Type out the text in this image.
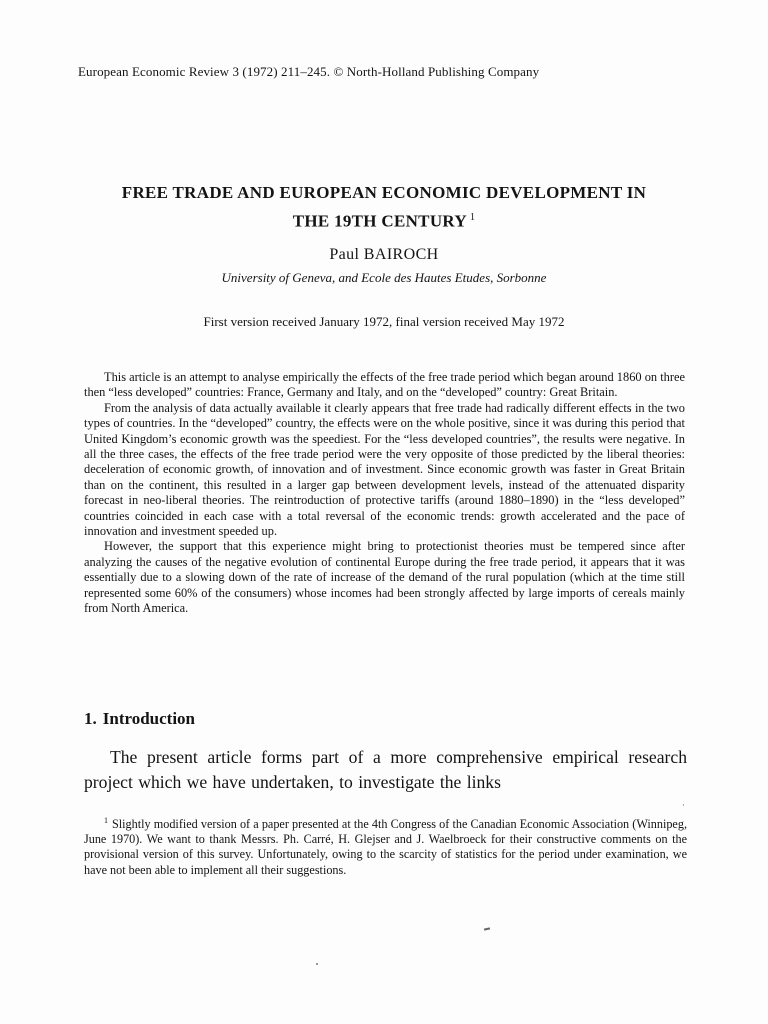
European Economic Review 3 (1972) 211–245. © North-Holland Publishing Company
FREE TRADE AND EUROPEAN ECONOMIC DEVELOPMENT IN
THE 19TH CENTURY $^1$
Paul BAIROCH
University of Geneva, and Ecole des Hautes Etudes, Sorbonne
First version received January 1972, final version received May 1972

This article is an attempt to analyse empirically the effects of the free trade period which began around 1860 on three then “less developed” countries: France, Germany and Italy, and on the “developed” country: Great Britain.

From the analysis of data actually available it clearly appears that free trade had radically different effects in the two types of countries. In the “developed” country, the effects were on the whole positive, since it was during this period that United Kingdom’s economic growth was the speediest. For the “less developed countries”, the results were negative. In all the three cases, the effects of the free trade period were the very opposite of those predicted by the liberal theories: deceleration of economic growth, of innovation and of investment. Since economic growth was faster in Great Britain than on the continent, this resulted in a larger gap between development levels, instead of the attenuated disparity forecast in neo-liberal theories. The reintroduction of protective tariffs (around 1880–1890) in the “less developed” countries coincided in each case with a total reversal of the economic trends: growth accelerated and the pace of innovation and investment speeded up.

However, the support that this experience might bring to protectionist theories must be tempered since after analyzing the causes of the negative evolution of continental Europe during the free trade period, it appears that it was essentially due to a slowing down of the rate of increase of the demand of the rural population (which at the time still represented some 60% of the consumers) whose incomes had been strongly affected by large imports of cereals mainly from North America.

1. Introduction
The present article forms part of a more comprehensive empirical research project which we have undertaken, to investigate the links
·
$^1$ Slightly modified version of a paper presented at the 4th Congress of the Canadian Economic Association (Winnipeg, June 1970). We want to thank Messrs. Ph. Carré, H. Glejser and J. Waelbroeck for their constructive comments on the provisional version of this survey. Unfortunately, owing to the scarcity of statistics for the period under examination, we have not been able to implement all their suggestions.
